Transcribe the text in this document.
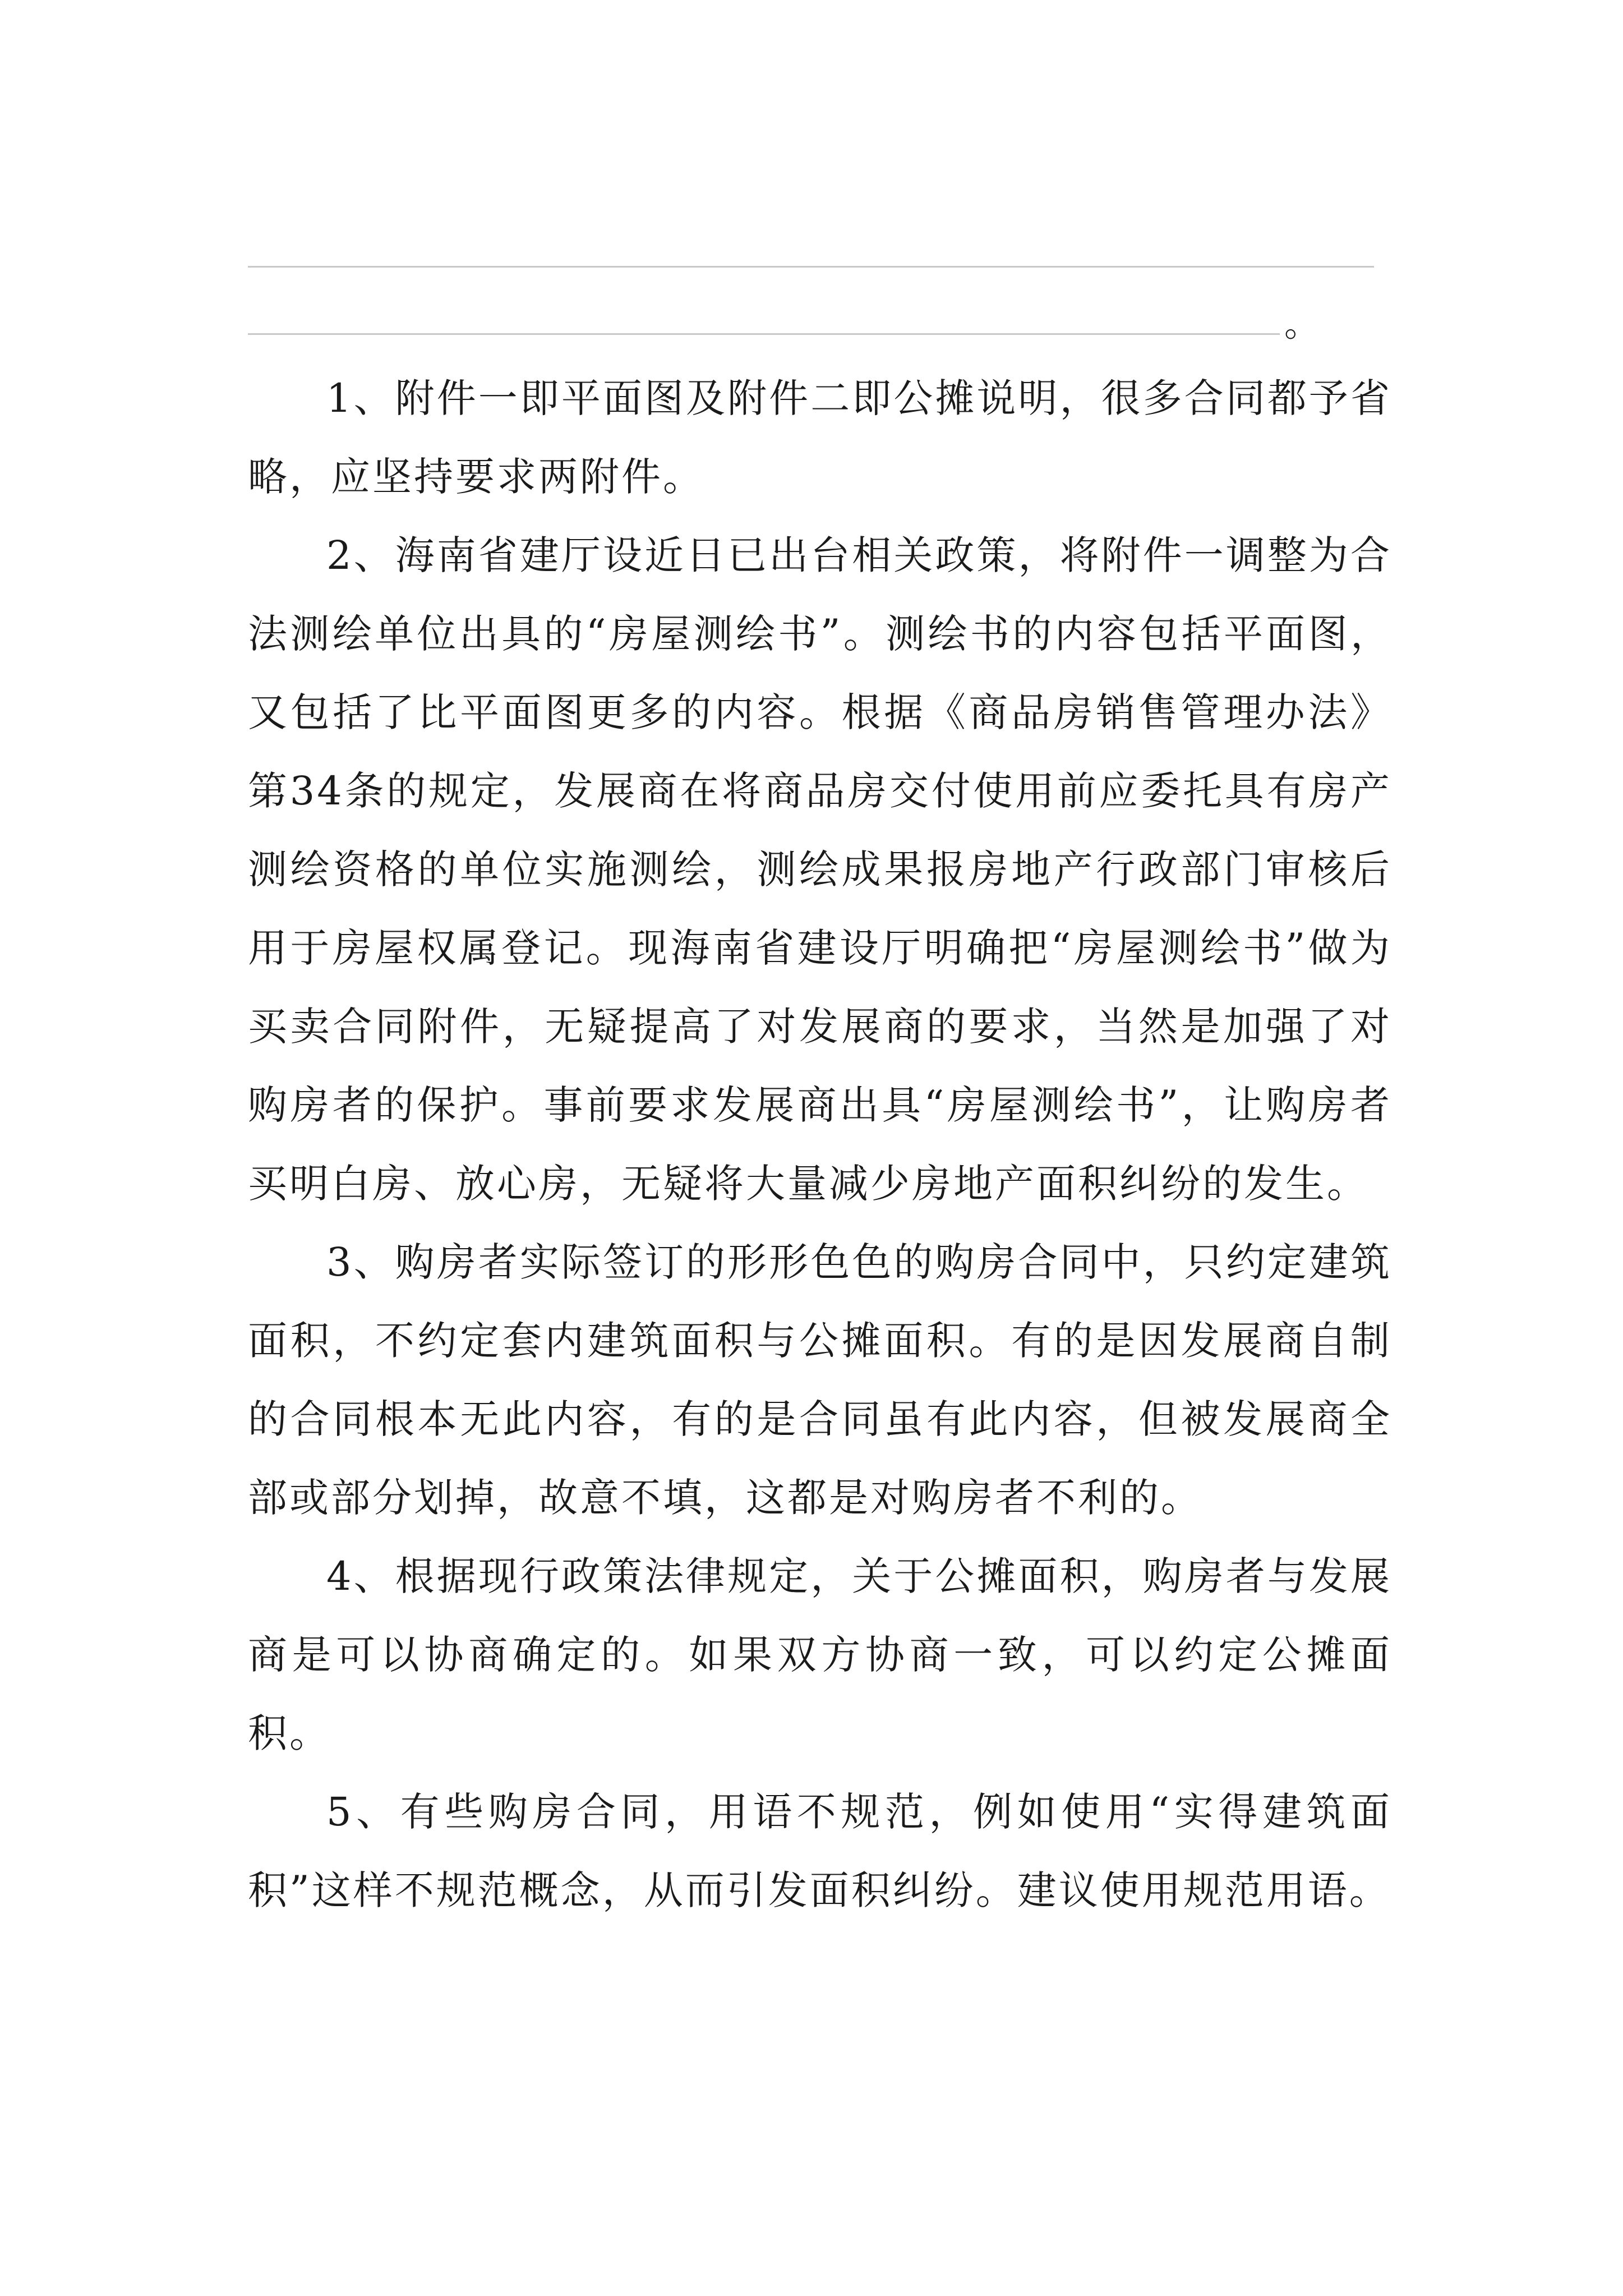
。

1、附件一即平面图及附件二即公摊说明，很多合同都予省略，应坚持要求两附件。

2、海南省建厅设近日已出台相关政策，将附件一调整为合法测绘单位出具的“房屋测绘书”。测绘书的内容包括平面图，又包括了比平面图更多的内容。根据《商品房销售管理办法》第34条的规定，发展商在将商品房交付使用前应委托具有房产测绘资格的单位实施测绘，测绘成果报房地产行政部门审核后用于房屋权属登记。现海南省建设厅明确把“房屋测绘书”做为买卖合同附件，无疑提高了对发展商的要求，当然是加强了对购房者的保护。事前要求发展商出具“房屋测绘书”，让购房者买明白房、放心房，无疑将大量减少房地产面积纠纷的发生。

3、购房者实际签订的形形色色的购房合同中，只约定建筑面积，不约定套内建筑面积与公摊面积。有的是因发展商自制的合同根本无此内容，有的是合同虽有此内容，但被发展商全部或部分划掉，故意不填，这都是对购房者不利的。

4、根据现行政策法律规定，关于公摊面积，购房者与发展商是可以协商确定的。如果双方协商一致，可以约定公摊面积。

5、有些购房合同，用语不规范，例如使用“实得建筑面积”这样不规范概念，从而引发面积纠纷。建议使用规范用语。
